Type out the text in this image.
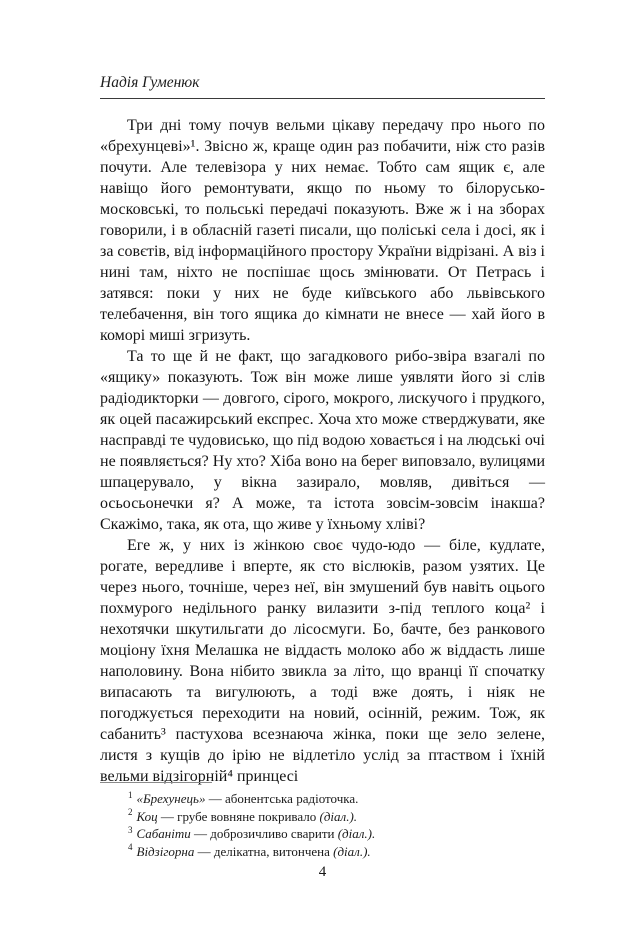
Надія Гуменюк

Три дні тому почув вельми цікаву передачу про нього по «брехунцеві»¹. Звісно ж, краще один раз побачити, ніж сто разів почути. Але телевізора у них немає. Тобто сам ящик є, але навіщо його ремонтувати, якщо по ньому то білорусько-московські, то польські передачі показують. Вже ж і на зборах говорили, і в обласній газеті писали, що поліські села і досі, як і за совєтів, від інформаційного простору України відрізані. А віз і нині там, ніхто не поспішає щось змінювати. От Петрась і затявся: поки у них не буде київського або львівського телебачення, він того ящика до кімнати не внесе — хай його в коморі миші згризуть.

Та то ще й не факт, що загадкового рибо-звіра взагалі по «ящику» показують. Тож він може лише уявляти його зі слів радіодикторки — довгого, сірого, мокрого, лискучого і прудкого, як оцей пасажирський експрес. Хоча хто може стверджувати, яке насправді те чудовисько, що під водою ховається і на людські очі не появляється? Ну хто? Хіба воно на берег виповзало, вулицями шпацерувало, у вікна зазирало, мовляв, дивіться — осьосьонечки я? А може, та істота зовсім-зовсім інакша? Скажімо, така, як ота, що живе у їхньому хліві?

Еге ж, у них із жінкою своє чудо-юдо — біле, кудлате, рогате, вередливе і вперте, як сто віслюків, разом узятих. Це через нього, точніше, через неї, він змушений був навіть оцього похмурого недільного ранку вилазити з-під теплого коца² і нехотячки шкутильгати до лісосмуги. Бо, бачте, без ранкового моціону їхня Мелашка не віддасть молоко або ж віддасть лише наполовину. Вона нібито звикла за літо, що вранці її спочатку випасають та вигулюють, а тоді вже доять, і ніяк не погоджується переходити на новий, осінній, режим. Тож, як сабанить³ пастухова всезнаюча жінка, поки ще зело зелене, листя з кущів до ірію не відлетіло услід за птаством і їхній вельми відзігорній⁴ принцесі

$^1$ «Брехунець» — абонентська радіоточка.

$^2$ Коц — грубе вовняне покривало (діал.).

$^3$ Сабаніти — доброзичливо сварити (діал.).

$^4$ Відзігорна — делікатна, витончена (діал.).

4
